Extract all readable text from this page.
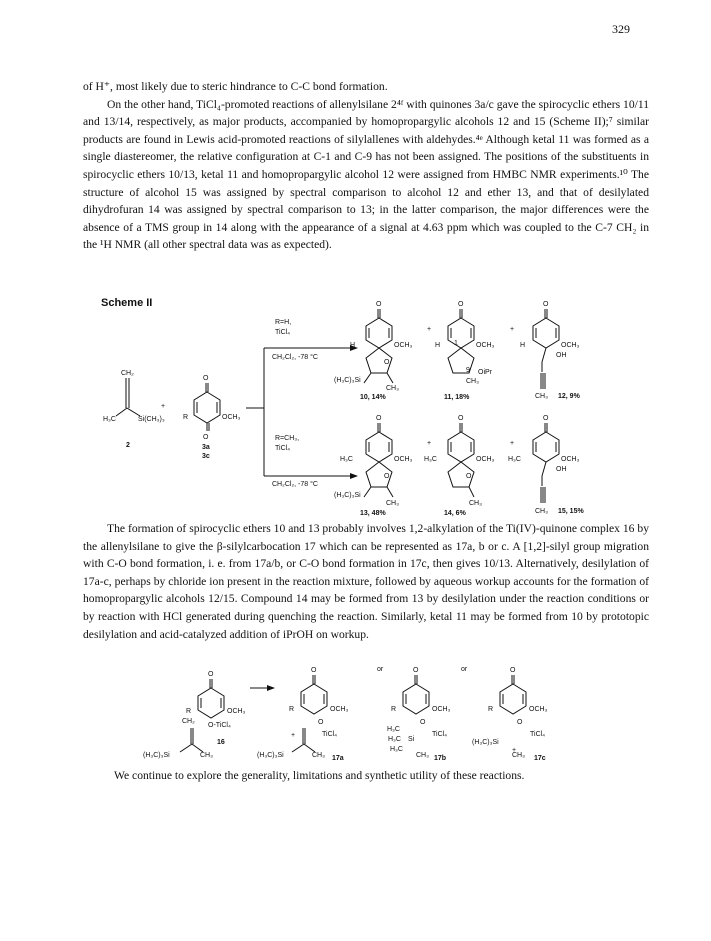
329

of H⁺, most likely due to steric hindrance to C-C bond formation.

On the other hand, TiCl₄-promoted reactions of allenylsilane 2⁴ᶠ with quinones 3a/c gave the spirocyclic ethers 10/11 and 13/14, respectively, as major products, accompanied by homopropargylic alcohols 12 and 15 (Scheme II);⁷ similar products are found in Lewis acid-promoted reactions of silylallenes with aldehydes.⁴ᵉ Although ketal 11 was formed as a single diastereomer, the relative configuration at C-1 and C-9 has not been assigned. The positions of the substituents in spirocyclic ethers 10/13, ketal 11 and homopropargylic alcohol 12 were assigned from HMBC NMR experiments.¹⁰ The structure of alcohol 15 was assigned by spectral comparison to alcohol 12 and ether 13, and that of desilylated dihydrofuran 14 was assigned by spectral comparison to 13; in the latter comparison, the major differences were the absence of a TMS group in 14 along with the appearance of a signal at 4.63 ppm which was coupled to the C-7 CH₂ in the ¹H NMR (all other spectral data was as expected).

Scheme II
CH₂
H₃C	Si(CH₃)₃
2
+
O
O
R	OCH₃
3a
3c
R=H,
TiCl₄
CH₂Cl₂, -78 °C
R=CH₃,
TiCl₄
CH₂Cl₂, -78 °C
O
H	OCH₃
O
(H₃C)₃Si
CH₃
10, 14%
+
O
H	OCH₃
1
9 OiPr
CH₃
11, 18%
+
O
H	OCH₃
OH
CH₃ 12, 9%
O
H₃C	OCH₃
O
(H₃C)₃Si
CH₃
13, 48%
+
O
H₃C	OCH₃
O
CH₃
14, 6%
+
O
H₃C	OCH₃
OH
CH₃ 15, 15%

The formation of spirocyclic ethers 10 and 13 probably involves 1,2-alkylation of the Ti(IV)-quinone complex 16 by the allenylsilane to give the β-silylcarbocation 17 which can be represented as 17a, b or c. A [1,2]-silyl group migration with C-O bond formation, i. e. from 17a/b, or C-O bond formation in 17c, then gives 10/13. Alternatively, desilylation of 17a-c, perhaps by chloride ion present in the reaction mixture, followed by aqueous workup accounts for the formation of homopropargylic alcohols 12/15. Compound 14 may be formed from 13 by desilylation under the reaction conditions or by reaction with HCl generated during quenching the reaction. Similarly, ketal 11 may be formed from 10 by prototopic desilylation and acid-catalyzed addition of iPrOH on workup.

O
R	OCH₃
CH₂
O-TiCl₄
(H₃C)₃Si	CH₃
16
O
R	OCH₃
O
TiCl₄
+
(H₃C)₃Si	CH₃ 17a
or	O
R	OCH₃
O
TiCl₄
H₃C
H₃C Si
H₃C
CH₃ 17b
or	O
R	OCH₃
O
TiCl₄
(H₃C)₃Si
+
CH₃ 17c
We continue to explore the generality, limitations and synthetic utility of these reactions.
